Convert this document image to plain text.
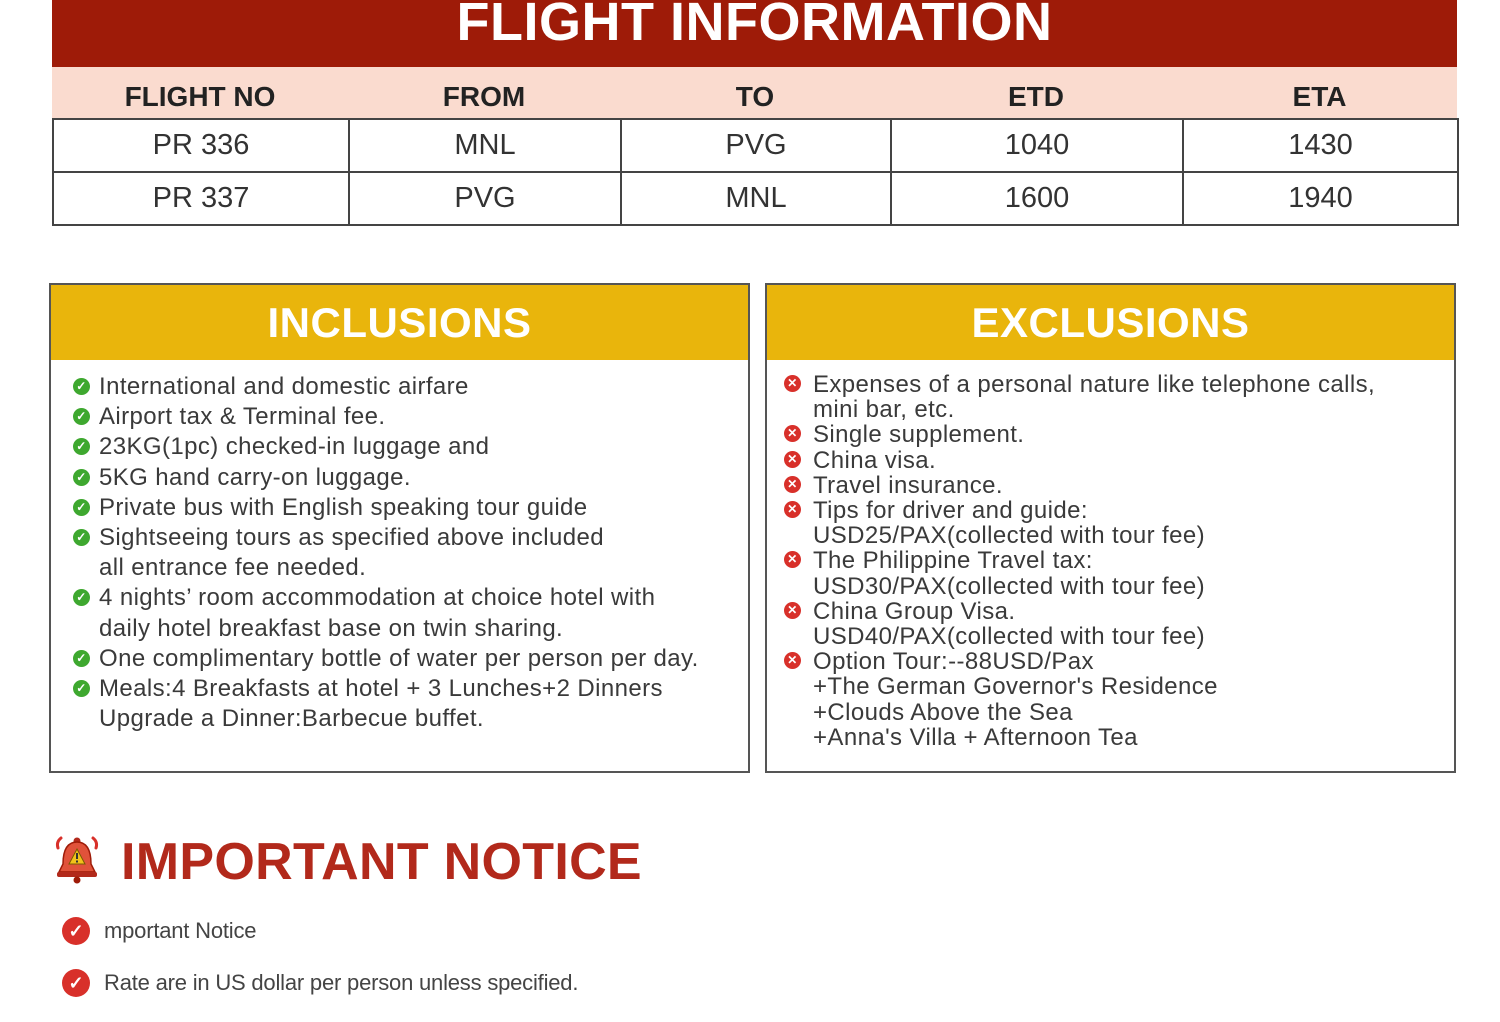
FLIGHT INFORMATION
FLIGHT NO	FROM	TO	ETD	ETA
PR 336	MNL	PVG	1040	1430
PR 337	PVG	MNL	1600	1940
INCLUSIONS
✓ International and domestic airfare
✓ Airport tax & Terminal fee.
✓ 23KG(1pc) checked-in luggage and
✓ 5KG hand carry-on luggage.
✓ Private bus with English speaking tour guide
✓ Sightseeing tours as specified above included
all entrance fee needed.
✓ 4 nights’ room accommodation at choice hotel with
daily hotel breakfast base on twin sharing.
✓ One complimentary bottle of water per person per day.
✓ Meals:4 Breakfasts at hotel + 3 Lunches+2 Dinners
Upgrade a Dinner:Barbecue buffet.
EXCLUSIONS
✕ Expenses of a personal nature like telephone calls,
mini bar, etc.
✕ Single supplement.
✕ China visa.
✕ Travel insurance.
✕ Tips for driver and guide:
USD25/PAX(collected with tour fee)
✕ The Philippine Travel tax:
USD30/PAX(collected with tour fee)
✕ China Group Visa.
USD40/PAX(collected with tour fee)
✕ Option Tour:--88USD/Pax
+The German Governor's Residence
+Clouds Above the Sea
+Anna's Villa + Afternoon Tea
IMPORTANT NOTICE
✓ mportant Notice
✓ Rate are in US dollar per person unless specified.
